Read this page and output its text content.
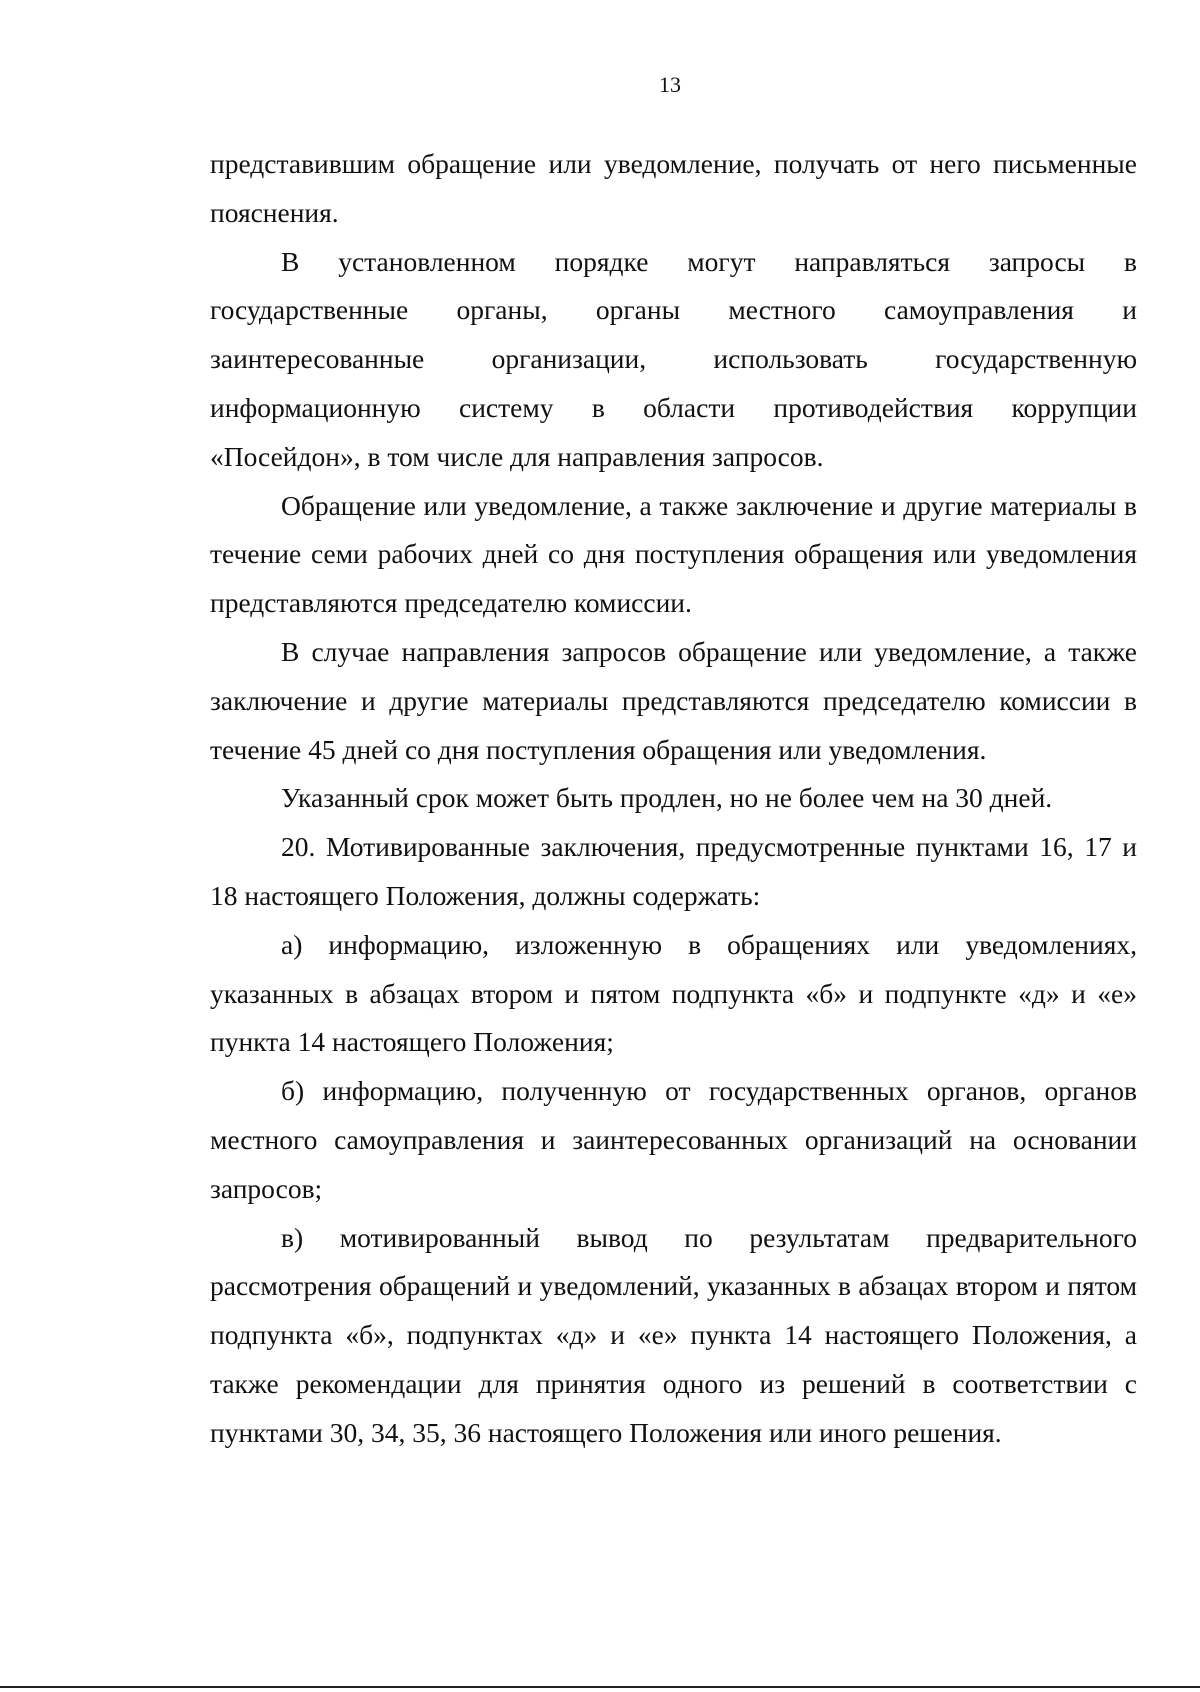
13

представившим обращение или уведомление, получать от него письменные пояснения.

В установленном порядке могут направляться запросы в государственные органы, органы местного самоуправления и заинтересованные организации, использовать государственную информационную систему в области противодействия коррупции «Посейдон», в том числе для направления запросов.

Обращение или уведомление, а также заключение и другие материалы в течение семи рабочих дней со дня поступления обращения или уведомления представляются председателю комиссии.

В случае направления запросов обращение или уведомление, а также заключение и другие материалы представляются председателю комиссии в течение 45 дней со дня поступления обращения или уведомления.

Указанный срок может быть продлен, но не более чем на 30 дней.

20. Мотивированные заключения, предусмотренные пунктами 16, 17 и 18 настоящего Положения, должны содержать:

а) информацию, изложенную в обращениях или уведомлениях, указанных в абзацах втором и пятом подпункта «б» и подпункте «д» и «е» пункта 14 настоящего Положения;

б) информацию, полученную от государственных органов, органов местного самоуправления и заинтересованных организаций на основании запросов;

в) мотивированный вывод по результатам предварительного рассмотрения обращений и уведомлений, указанных в абзацах втором и пятом подпункта «б», подпунктах «д» и «е» пункта 14 настоящего Положения, а также рекомендации для принятия одного из решений в соответствии с пунктами 30, 34, 35, 36 настоящего Положения или иного решения.
